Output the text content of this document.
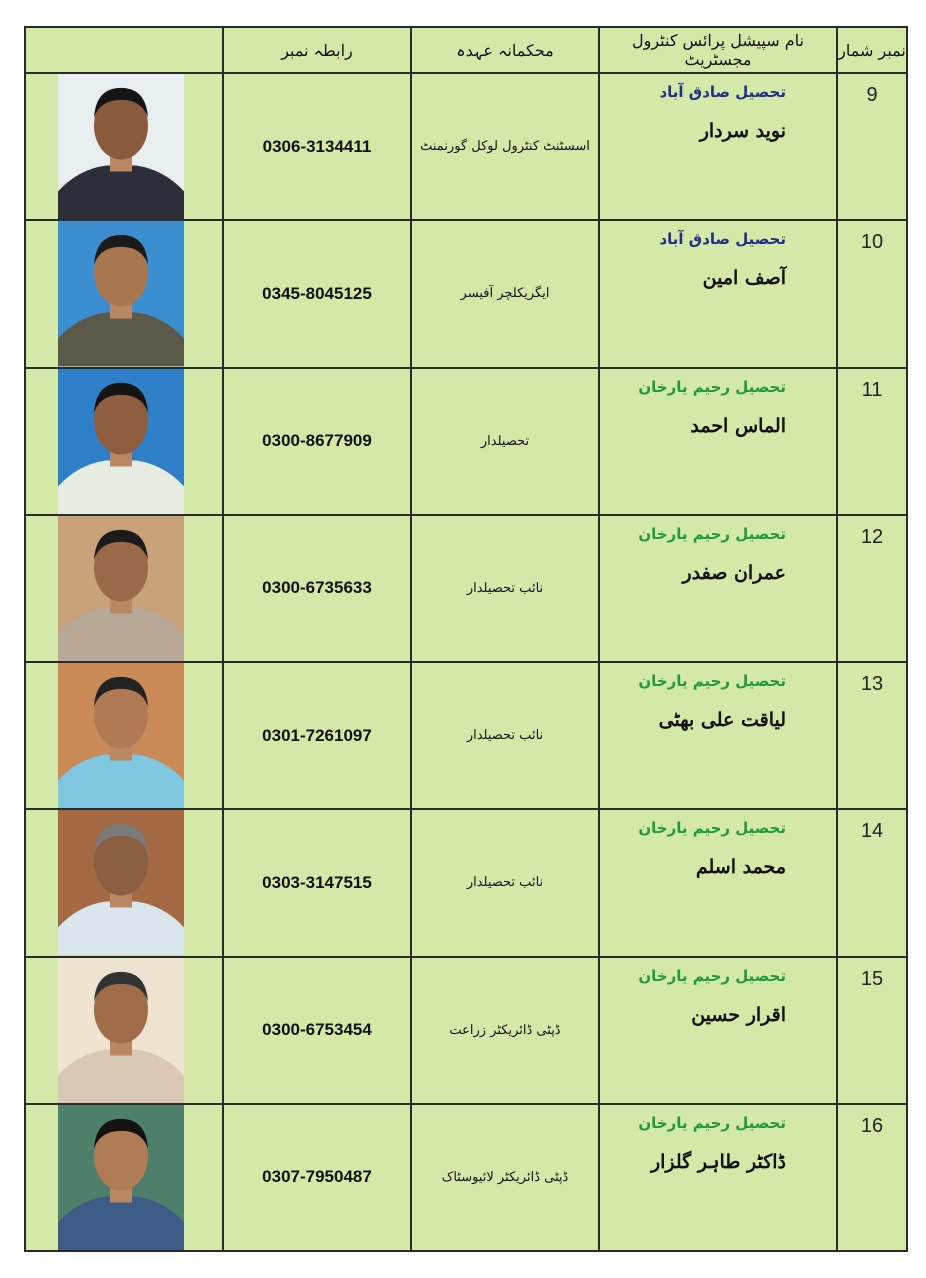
	رابطہ نمبر	محکمانہ عہدہ	نام سپیشل پرائس کنٹرول مجسٹریٹ	نمبر شمار

	0306-3134411	اسسٹنٹ کنٹرول لوکل گورنمنٹ	تحصیل صادق آباد
نوید سردار	9

	0345-8045125	ایگریکلچر آفیسر	تحصیل صادق آباد
آصف امین	10

	0300-8677909	تحصیلدار	تحصیل رحیم یارخان
الماس احمد	11

	0300-6735633	نائب تحصیلدار	تحصیل رحیم یارخان
عمران صفدر	12

	0301-7261097	نائب تحصیلدار	تحصیل رحیم یارخان
لیاقت علی بھٹی	13

	0303-3147515	نائب تحصیلدار	تحصیل رحیم یارخان
محمد اسلم	14

	0300-6753454	ڈپٹی ڈائریکٹر زراعت	تحصیل رحیم یارخان
اقرار حسین	15

	0307-7950487	ڈپٹی ڈائریکٹر لائیوسٹاک	تحصیل رحیم یارخان
ڈاکٹر طاہر گلزار	16
